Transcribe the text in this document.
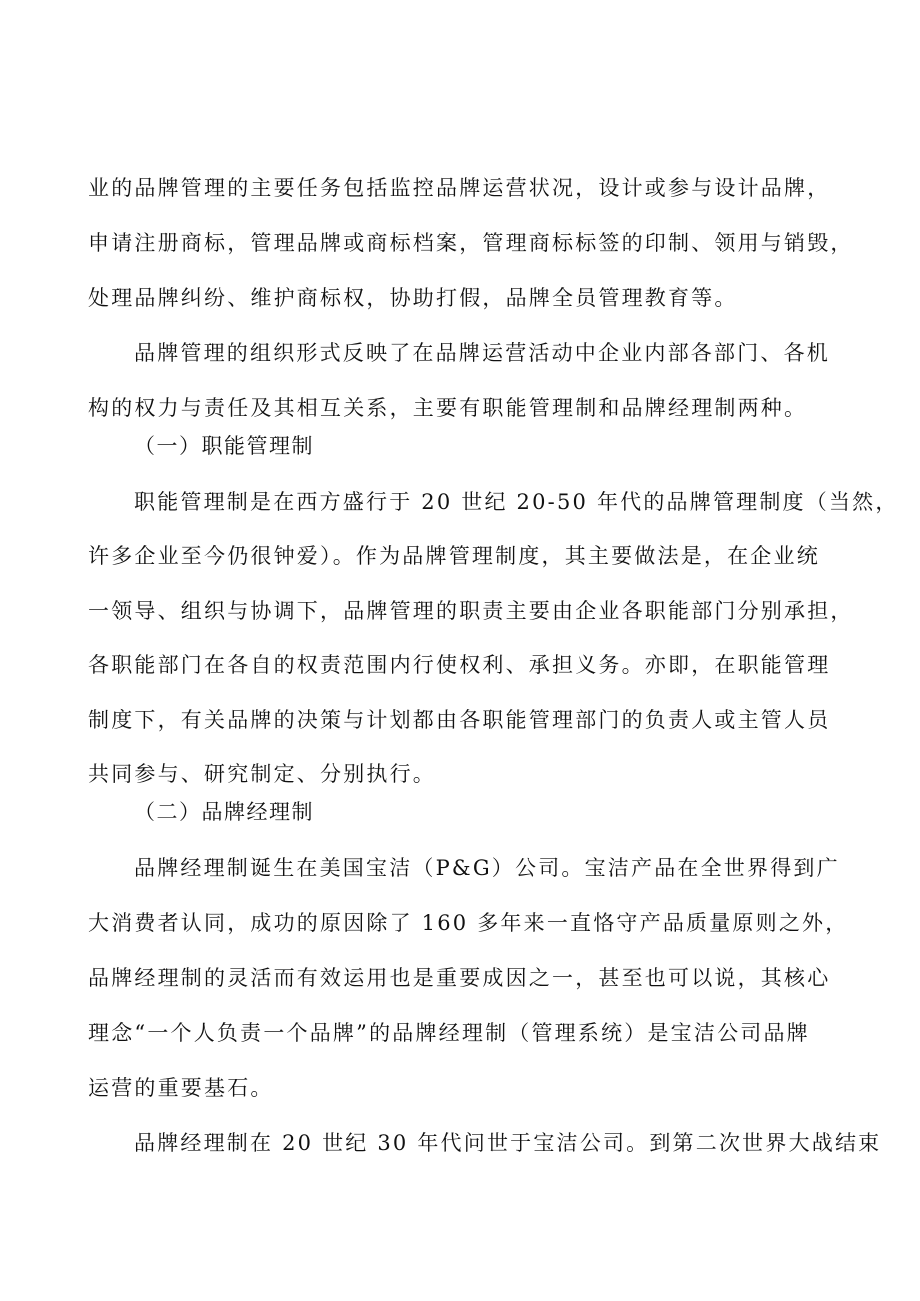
业的品牌管理的主要任务包括监控品牌运营状况，设计或参与设计品牌，
申请注册商标，管理品牌或商标档案，管理商标标签的印制、领用与销毁，
处理品牌纠纷、维护商标权，协助打假，品牌全员管理教育等。
品牌管理的组织形式反映了在品牌运营活动中企业内部各部门、各机
构的权力与责任及其相互关系，主要有职能管理制和品牌经理制两种。
（一）职能管理制
职能管理制是在西方盛行于 20 世纪 20-50 年代的品牌管理制度（当然，
许多企业至今仍很钟爱）。作为品牌管理制度，其主要做法是，在企业统
一领导、组织与协调下，品牌管理的职责主要由企业各职能部门分别承担，
各职能部门在各自的权责范围内行使权利、承担义务。亦即，在职能管理
制度下，有关品牌的决策与计划都由各职能管理部门的负责人或主管人员
共同参与、研究制定、分别执行。
（二）品牌经理制
品牌经理制诞生在美国宝洁（P&G）公司。宝洁产品在全世界得到广
大消费者认同，成功的原因除了 160 多年来一直恪守产品质量原则之外，
品牌经理制的灵活而有效运用也是重要成因之一，甚至也可以说，其核心
理念“一个人负责一个品牌”的品牌经理制（管理系统）是宝洁公司品牌
运营的重要基石。
品牌经理制在 20 世纪 30 年代问世于宝洁公司。到第二次世界大战结束
